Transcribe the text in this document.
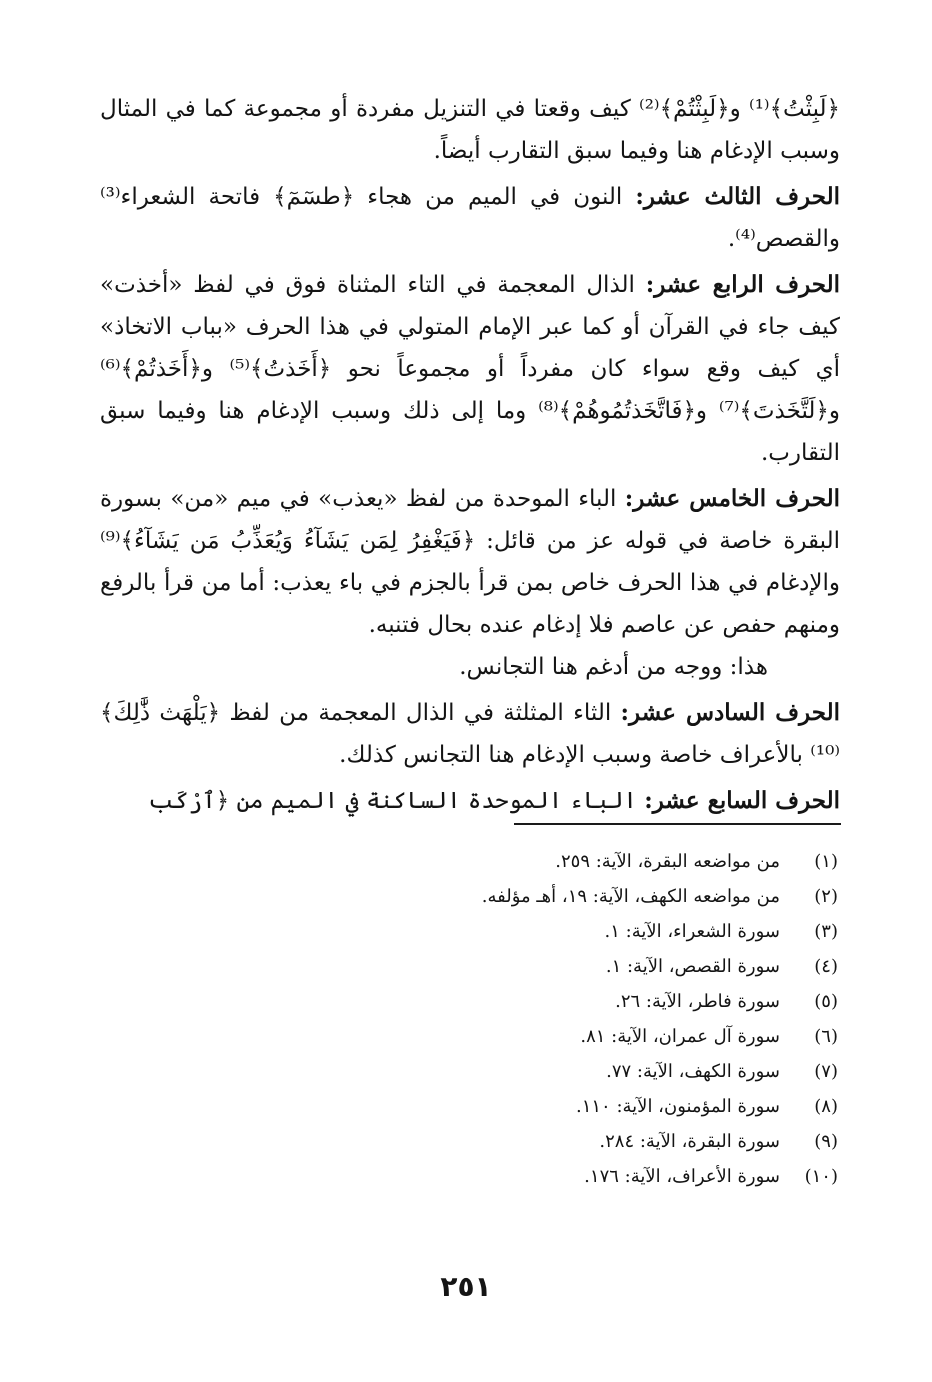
﴿لَبِثْتُ﴾⁽¹⁾ و﴿لَبِثْتُمْ﴾⁽²⁾ كيف وقعتا في التنزيل مفردة أو مجموعة كما في المثال وسبب الإدغام هنا وفيما سبق التقارب أيضاً.

الحرف الثالث عشر: النون في الميم من هجاء ﴿طسٓمٓ﴾ فاتحة الشعراء⁽³⁾ والقصص⁽⁴⁾.

الحرف الرابع عشر: الذال المعجمة في التاء المثناة فوق في لفظ «أخذت» كيف جاء في القرآن أو كما عبر الإمام المتولي في هذا الحرف «بباب الاتخاذ» أي كيف وقع سواء كان مفرداً أو مجموعاً نحو ﴿أَخَذتُ﴾⁽⁵⁾ و﴿أَخَذتُمْ﴾⁽⁶⁾ و﴿لَتَّخَذتَ﴾⁽⁷⁾ و﴿فَاتَّخَذتُمُوهُمْ﴾⁽⁸⁾ وما إلى ذلك وسبب الإدغام هنا وفيما سبق التقارب.

الحرف الخامس عشر: الباء الموحدة من لفظ «يعذب» في ميم «من» بسورة البقرة خاصة في قوله عز من قائل: ﴿فَيَغْفِرُ لِمَن يَشَآءُ وَيُعَذِّبُ مَن يَشَآءُ﴾⁽⁹⁾ والإدغام في هذا الحرف خاص بمن قرأ بالجزم في باء يعذب: أما من قرأ بالرفع ومنهم حفص عن عاصم فلا إدغام عنده بحال فتنبه.

هذا: ووجه من أدغم هنا التجانس.

الحرف السادس عشر: الثاء المثلثة في الذال المعجمة من لفظ ﴿يَلْهَث ذَّٰلِكَ﴾⁽¹⁰⁾ بالأعراف خاصة وسبب الإدغام هنا التجانس كذلك.

الحرف السابع عشر: الباء الموحدة الساكنة في الميم من ﴿ٱرْكَب

(١)
من مواضعه البقرة، الآية: ٢٥٩.
(٢)
من مواضعه الكهف، الآية: ١٩، أهـ مؤلفه.
(٣)
سورة الشعراء، الآية: ١.
(٤)
سورة القصص، الآية: ١.
(٥)
سورة فاطر، الآية: ٢٦.
(٦)
سورة آل عمران، الآية: ٨١.
(٧)
سورة الكهف، الآية: ٧٧.
(٨)
سورة المؤمنون، الآية: ١١٠.
(٩)
سورة البقرة، الآية: ٢٨٤.
(١٠)
سورة الأعراف، الآية: ١٧٦.
٢٥١
